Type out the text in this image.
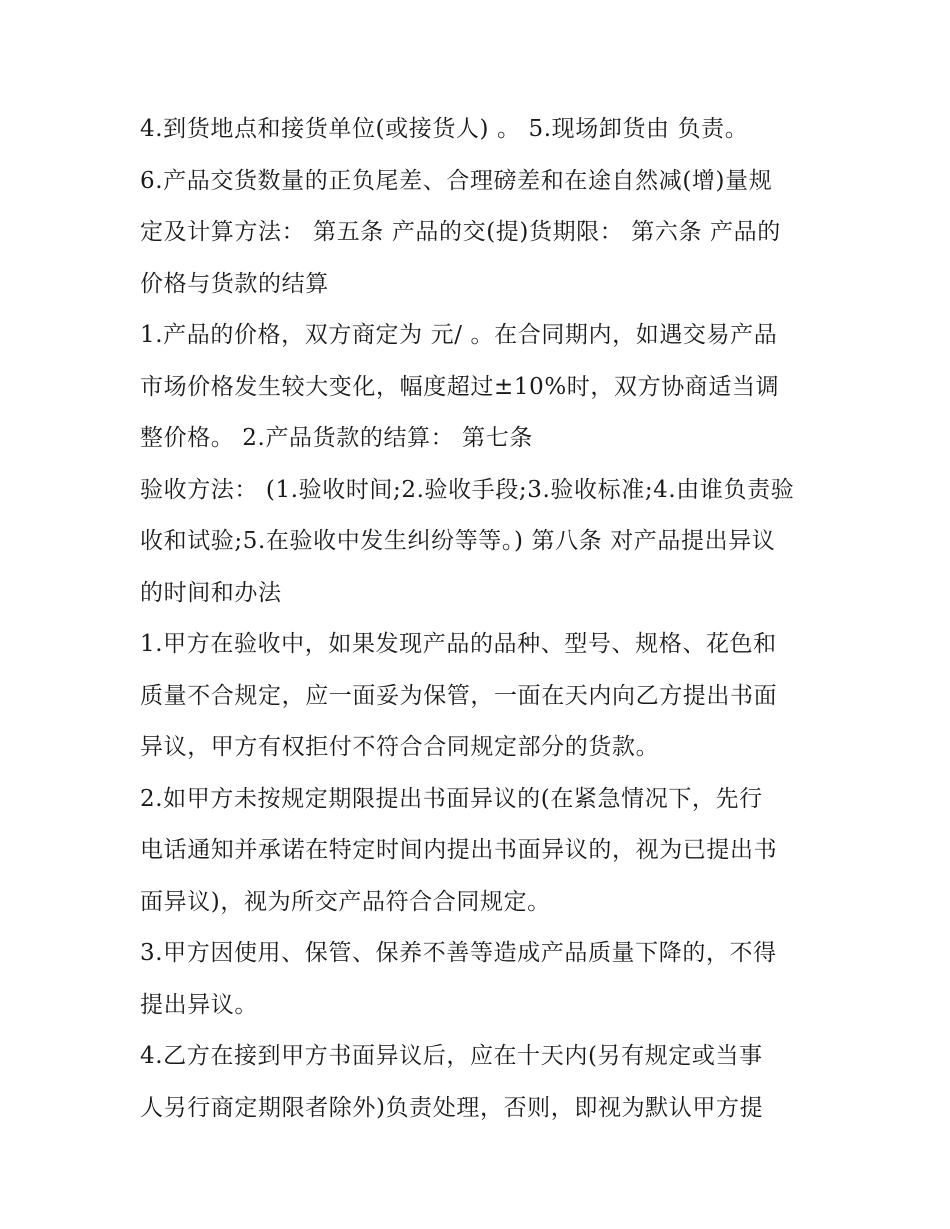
4.到货地点和接货单位(或接货人) 。 5.现场卸货由 负责。
6.产品交货数量的正负尾差、合理磅差和在途自然减(增)量规
定及计算方法： 第五条 产品的交(提)货期限： 第六条 产品的
价格与货款的结算
1.产品的价格，双方商定为 元/ 。在合同期内，如遇交易产品
市场价格发生较大变化，幅度超过±10%时，双方协商适当调
整价格。 2.产品货款的结算： 第七条
验收方法： (1.验收时间;2.验收手段;3.验收标准;4.由谁负责验
收和试验;5.在验收中发生纠纷等等。) 第八条 对产品提出异议
的时间和办法
1.甲方在验收中，如果发现产品的品种、型号、规格、花色和
质量不合规定，应一面妥为保管，一面在天内向乙方提出书面
异议，甲方有权拒付不符合合同规定部分的货款。
2.如甲方未按规定期限提出书面异议的(在紧急情况下，先行
电话通知并承诺在特定时间内提出书面异议的，视为已提出书
面异议)，视为所交产品符合合同规定。
3.甲方因使用、保管、保养不善等造成产品质量下降的，不得
提出异议。
4.乙方在接到甲方书面异议后，应在十天内(另有规定或当事
人另行商定期限者除外)负责处理，否则，即视为默认甲方提
